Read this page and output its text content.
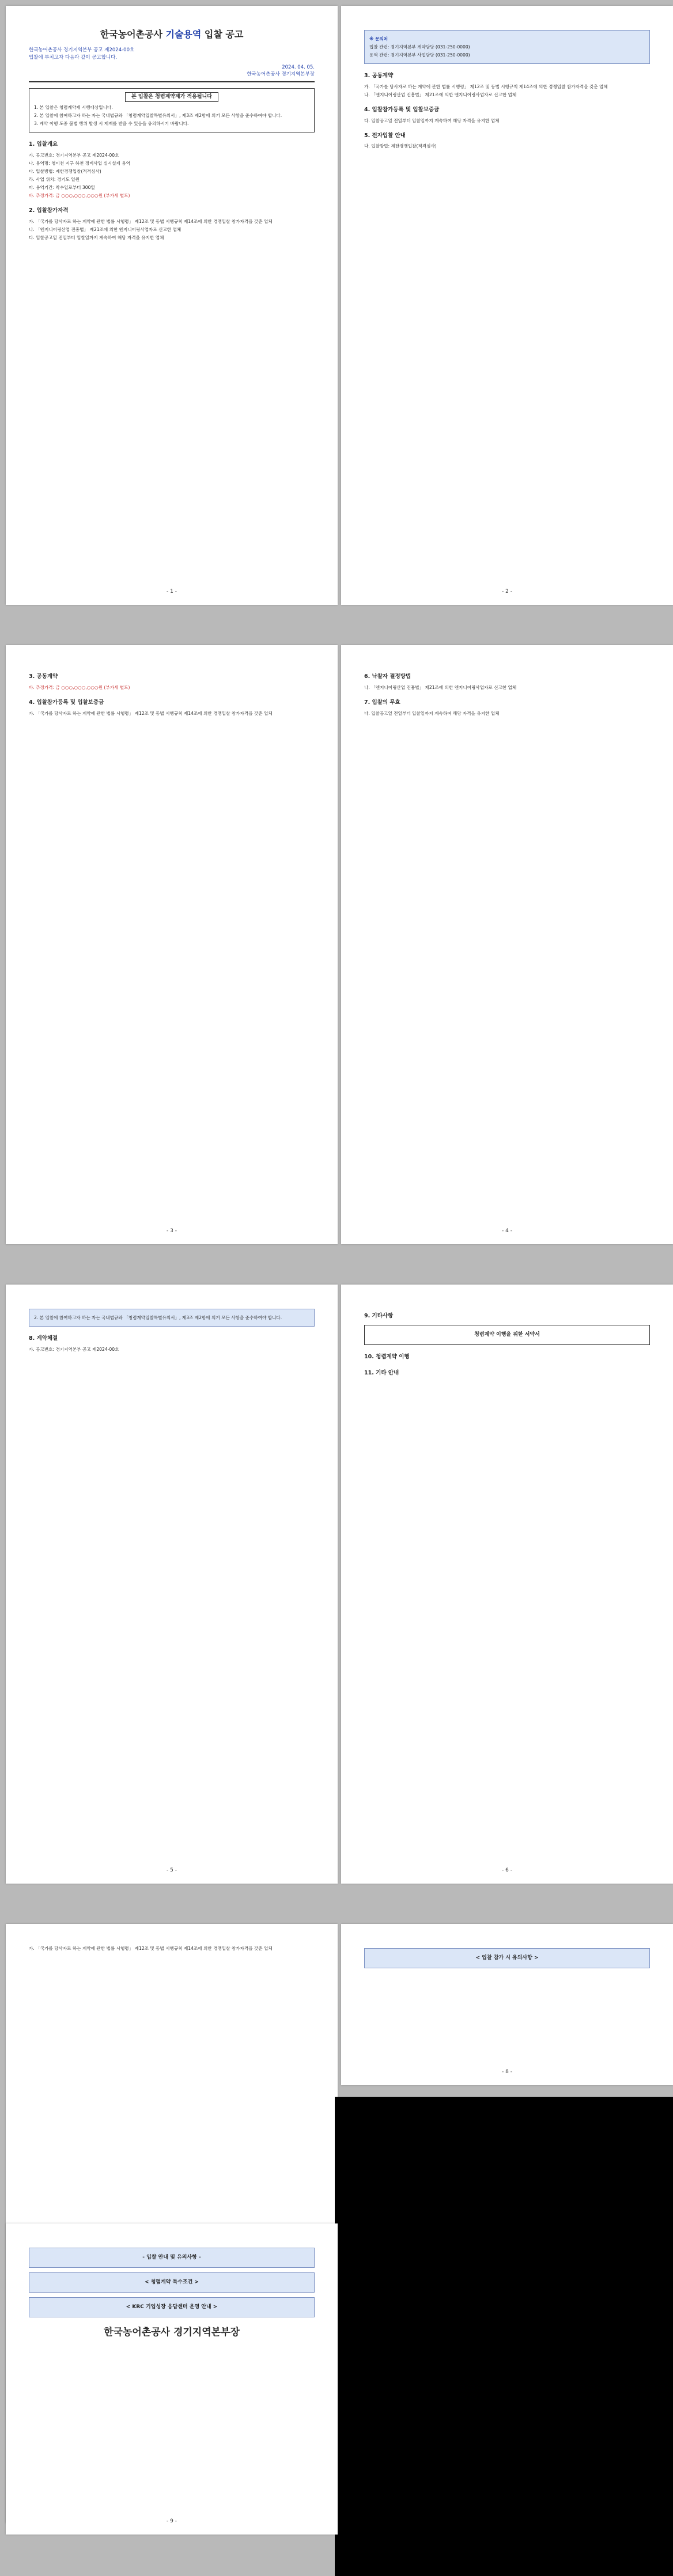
한국농어촌공사 기술용역 입찰 공고
한국농어촌공사 경기지역본부 공고 제2024-00호
입찰에 부치고자 다음과 같이 공고합니다.
2024. 04. 05.
한국농어촌공사 경기지역본부장
본 입찰은 청렴계약제가 적용됩니다
1. 본 입찰은 청렴계약제 시행대상입니다.
2. 본 입찰에 참여하고자 하는 자는 국내법규와 「청렴계약입찰특별유의서」, 제3조 제2항에 의거 모든 사항을 준수하여야 합니다.
3. 계약 이행 도중 불법 행위 발생 시 제재를 받을 수 있음을 유의하시기 바랍니다.
1. 입찰개요
가. 공고번호: 경기지역본부 공고 제2024-00호
나. 용역명: 청미천 지구 하천 정비사업 실시설계 용역
다. 입찰방법: 제한경쟁입찰(적격심사)
라. 사업 위치: 경기도 일원
마. 용역기간: 착수일로부터 300일
바. 추정가격: 금 ○○○,○○○,○○○원 (부가세 별도)
2. 입찰참가자격
가. 「국가를 당사자로 하는 계약에 관한 법률 시행령」 제12조 및 동법 시행규칙 제14조에 의한 경쟁입찰 참가자격을 갖춘 업체
나. 「엔지니어링산업 진흥법」 제21조에 의한 엔지니어링사업자로 신고한 업체
다. 입찰공고일 전일부터 입찰일까지 계속하여 해당 자격을 유지한 업체
- 1 -
※ 문의처
입찰 관련: 경기지역본부 계약담당 (031-250-0000)
용역 관련: 경기지역본부 사업담당 (031-250-0000)
3. 공동계약
가. 「국가를 당사자로 하는 계약에 관한 법률 시행령」 제12조 및 동법 시행규칙 제14조에 의한 경쟁입찰 참가자격을 갖춘 업체
나. 「엔지니어링산업 진흥법」 제21조에 의한 엔지니어링사업자로 신고한 업체
4. 입찰참가등록 및 입찰보증금
다. 입찰공고일 전일부터 입찰일까지 계속하여 해당 자격을 유지한 업체
5. 전자입찰 안내
다. 입찰방법: 제한경쟁입찰(적격심사)
- 2 -
3. 공동계약
바. 추정가격: 금 ○○○,○○○,○○○원 (부가세 별도)
4. 입찰참가등록 및 입찰보증금
가. 「국가를 당사자로 하는 계약에 관한 법률 시행령」 제12조 및 동법 시행규칙 제14조에 의한 경쟁입찰 참가자격을 갖춘 업체
- 3 -
6. 낙찰자 결정방법
나. 「엔지니어링산업 진흥법」 제21조에 의한 엔지니어링사업자로 신고한 업체
7. 입찰의 무효
다. 입찰공고일 전일부터 입찰일까지 계속하여 해당 자격을 유지한 업체
- 4 -
2. 본 입찰에 참여하고자 하는 자는 국내법규와 「청렴계약입찰특별유의서」, 제3조 제2항에 의거 모든 사항을 준수하여야 합니다.
8. 계약체결
가. 공고번호: 경기지역본부 공고 제2024-00호
- 5 -
9. 기타사항
청렴계약 이행을 위한 서약서
10. 청렴계약 이행
11. 기타 안내
- 6 -
가. 「국가를 당사자로 하는 계약에 관한 법률 시행령」 제12조 및 동법 시행규칙 제14조에 의한 경쟁입찰 참가자격을 갖춘 업체
< 입찰 참가 시 유의사항 >
- 8 -
- 입찰 안내 및 유의사항 -
< 청렴계약 특수조건 >
< KRC 기업성장 응답센터 운영 안내 >
한국농어촌공사 경기지역본부장
- 9 -
